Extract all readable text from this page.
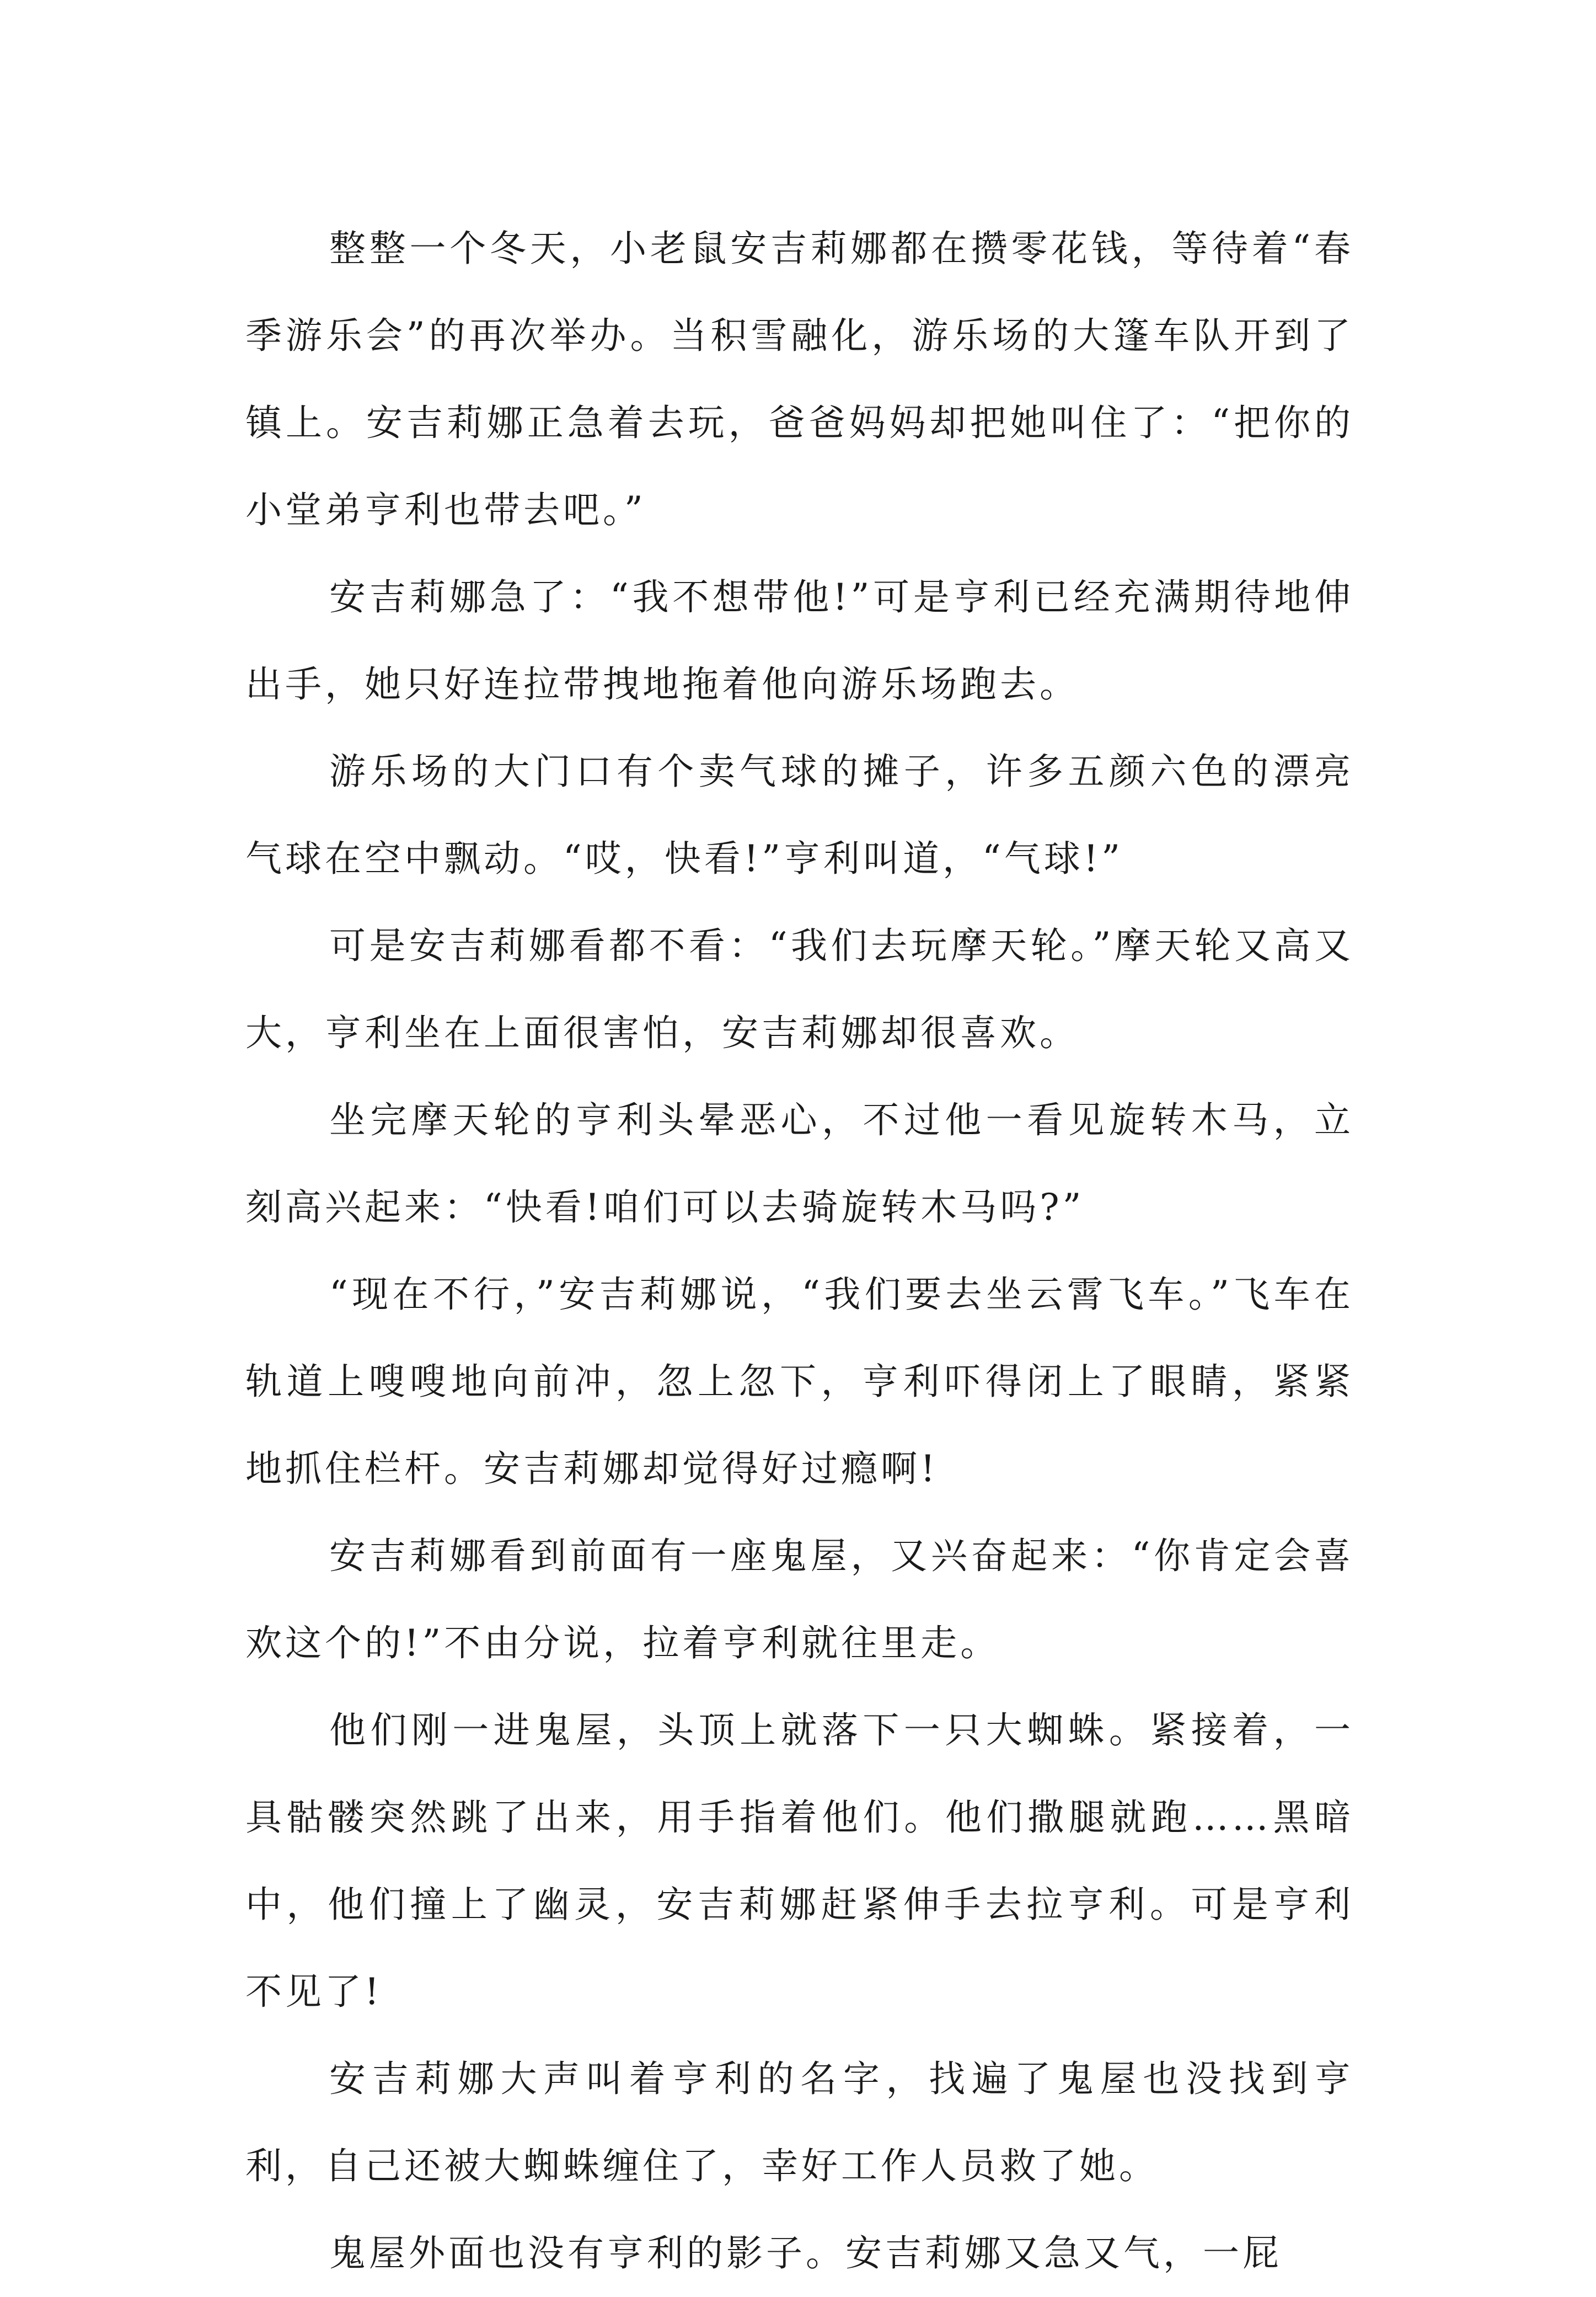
整整一个冬天，小老鼠安吉莉娜都在攒零花钱，等待着“春季游乐会”的再次举办。当积雪融化，游乐场的大篷车队开到了镇上。安吉莉娜正急着去玩，爸爸妈妈却把她叫住了：“把你的小堂弟亨利也带去吧。”

安吉莉娜急了：“我不想带他!”可是亨利已经充满期待地伸出手，她只好连拉带拽地拖着他向游乐场跑去。

游乐场的大门口有个卖气球的摊子，许多五颜六色的漂亮气球在空中飘动。“哎，快看!”亨利叫道，“气球!”

可是安吉莉娜看都不看：“我们去玩摩天轮。”摩天轮又高又大，亨利坐在上面很害怕，安吉莉娜却很喜欢。

坐完摩天轮的亨利头晕恶心，不过他一看见旋转木马，立刻高兴起来：“快看!咱们可以去骑旋转木马吗?”

“现在不行，”安吉莉娜说，“我们要去坐云霄飞车。”飞车在轨道上嗖嗖地向前冲，忽上忽下，亨利吓得闭上了眼睛，紧紧地抓住栏杆。安吉莉娜却觉得好过瘾啊!

安吉莉娜看到前面有一座鬼屋，又兴奋起来：“你肯定会喜欢这个的!”不由分说，拉着亨利就往里走。

他们刚一进鬼屋，头顶上就落下一只大蜘蛛。紧接着，一具骷髅突然跳了出来，用手指着他们。他们撒腿就跑……黑暗中，他们撞上了幽灵，安吉莉娜赶紧伸手去拉亨利。可是亨利不见了!

安吉莉娜大声叫着亨利的名字，找遍了鬼屋也没找到亨利，自己还被大蜘蛛缠住了，幸好工作人员救了她。

鬼屋外面也没有亨利的影子。安吉莉娜又急又气，一屁
